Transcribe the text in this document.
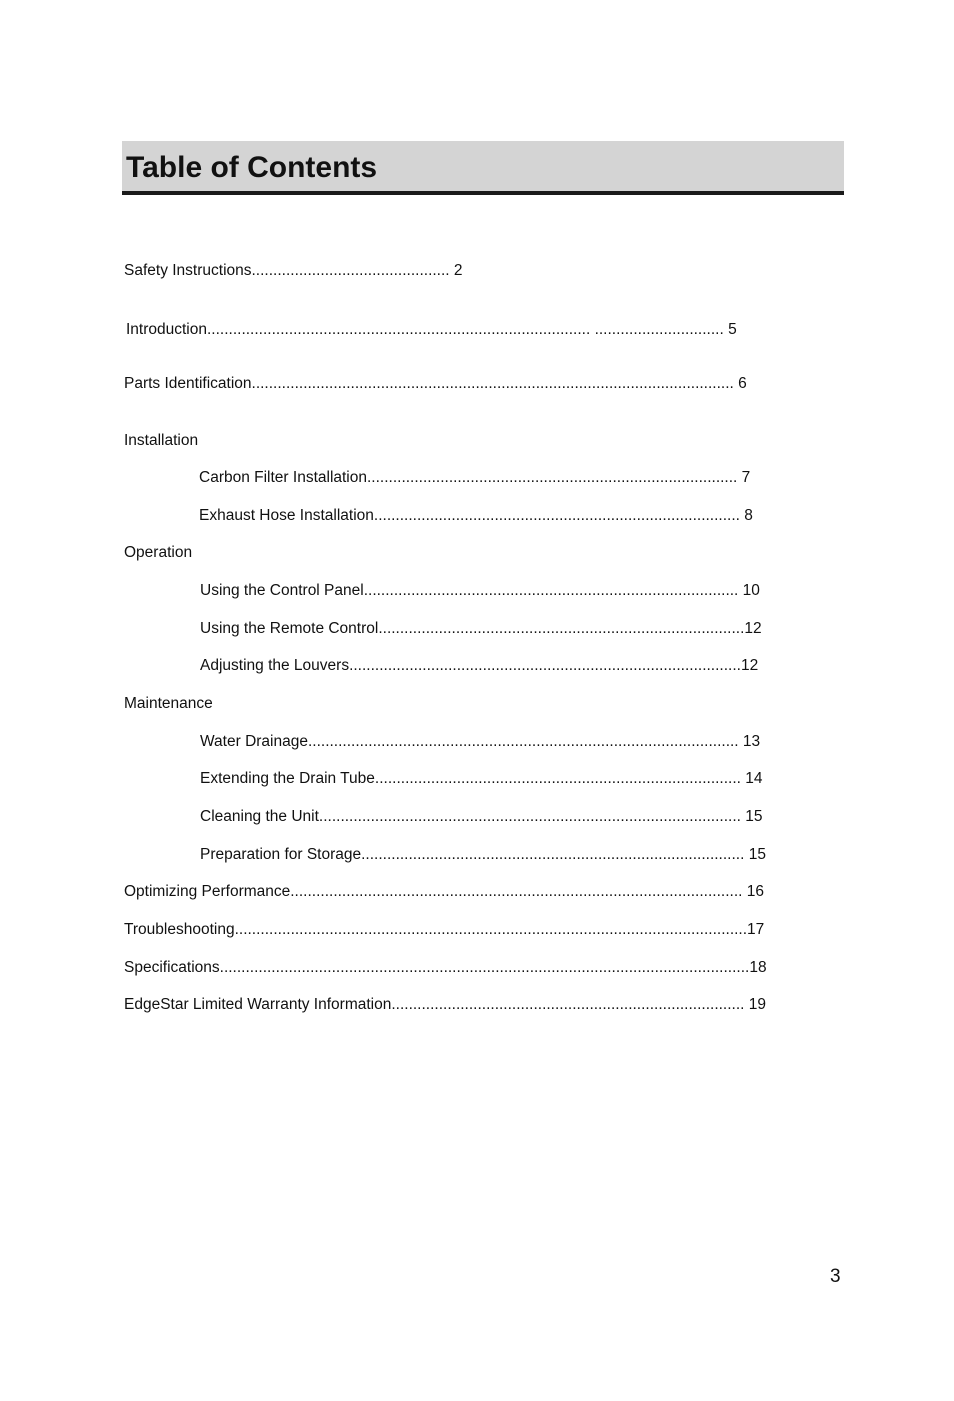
Table of Contents
Safety Instructions.............................................. 2
Introduction......................................................................................... .............................. 5
Parts Identification................................................................................................................ 6
Installation
Carbon Filter Installation...................................................................................... 7
Exhaust Hose Installation..................................................................................... 8
Operation
Using the Control Panel....................................................................................... 10
Using the Remote Control.....................................................................................12
Adjusting the Louvers...........................................................................................12
Maintenance
Water Drainage.................................................................................................... 13
Extending the Drain Tube..................................................................................... 14
Cleaning the Unit.................................................................................................. 15
Preparation for Storage......................................................................................... 15
Optimizing Performance......................................................................................................... 16
Troubleshooting.......................................................................................................................17
Specifications...........................................................................................................................18
EdgeStar Limited Warranty Information.................................................................................. 19
3
